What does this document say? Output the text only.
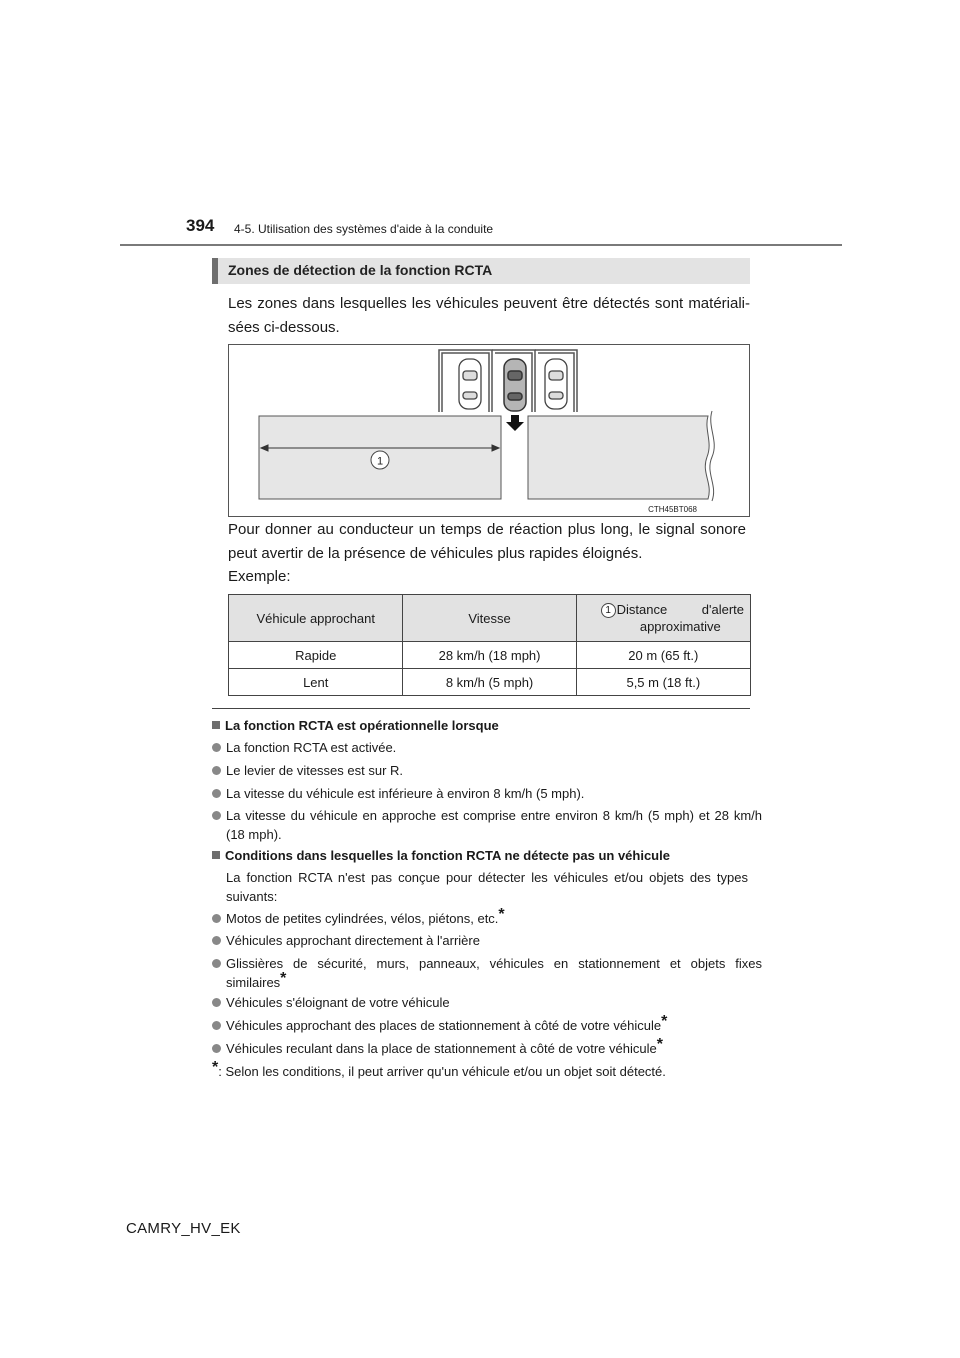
394 4-5. Utilisation des systèmes d'aide à la conduite
Zones de détection de la fonction RCTA
Les zones dans lesquelles les véhicules peuvent être détectés sont matériali-sées ci-dessous.
1
CTH45BT068
Pour donner au conducteur un temps de réaction plus long, le signal sonore peut avertir de la présence de véhicules plus rapides éloignés.
Exemple:
Véhicule approchant	Vitesse	1 Distance d'alerte approximative

Rapide	28 km/h (18 mph)	20 m (65 ft.)
Lent	8 km/h (5 mph)	5,5 m (18 ft.)
La fonction RCTA est opérationnelle lorsque
La fonction RCTA est activée.
Le levier de vitesses est sur R.
La vitesse du véhicule est inférieure à environ 8 km/h (5 mph).
La vitesse du véhicule en approche est comprise entre environ 8 km/h (5 mph) et 28 km/h (18 mph).
Conditions dans lesquelles la fonction RCTA ne détecte pas un véhicule
La fonction RCTA n'est pas conçue pour détecter les véhicules et/ou objets des types suivants:
Motos de petites cylindrées, vélos, piétons, etc.*
Véhicules approchant directement à l'arrière
Glissières de sécurité, murs, panneaux, véhicules en stationnement et objets fixes similaires*
Véhicules s'éloignant de votre véhicule
Véhicules approchant des places de stationnement à côté de votre véhicule*
Véhicules reculant dans la place de stationnement à côté de votre véhicule*
*: Selon les conditions, il peut arriver qu'un véhicule et/ou un objet soit détecté.
CAMRY_HV_EK
